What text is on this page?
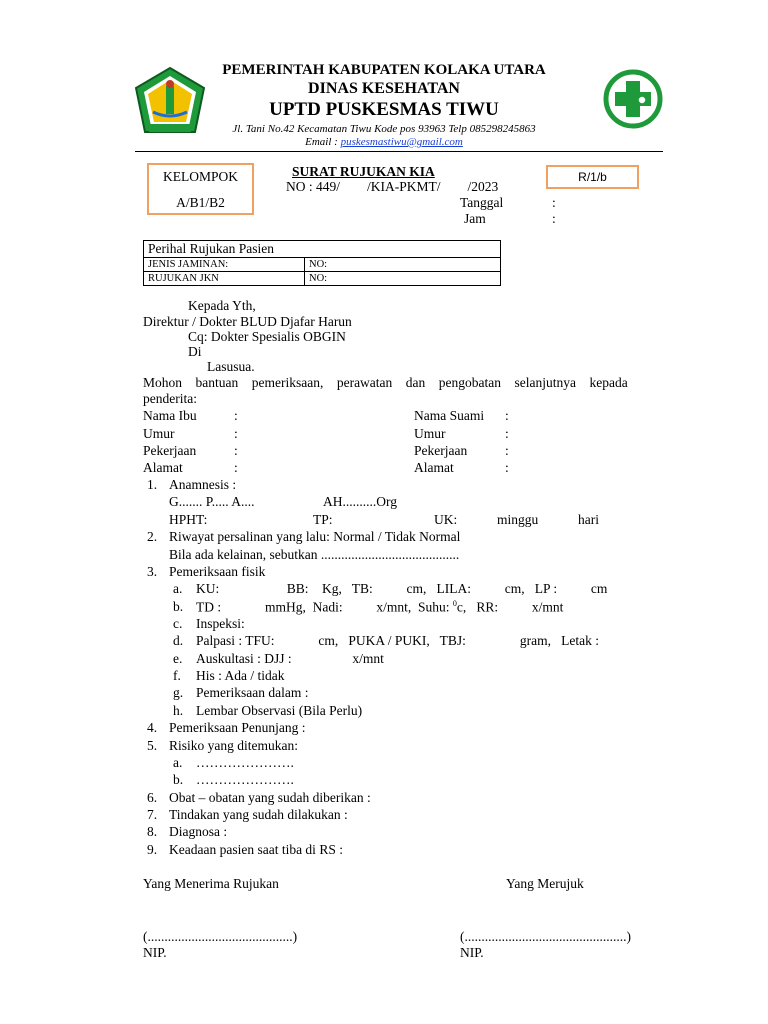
PEMERINTAH KABUPATEN KOLAKA UTARA
DINAS KESEHATAN
UPTD PUSKESMAS TIWU
Jl. Tani No.42 Kecamatan Tiwu Kode pos 93963 Telp 085298245863
Email : puskesmastiwu@gmail.com
KELOMPOK
A/B1/B2
R/1/b
SURAT RUJUKAN KIA
NO : 449/        /KIA-PKMT/        /2023
Tanggal	:
Jam	:
Perihal Rujukan Pasien	
JENIS JAMINAN:	NO:
RUJUKAN JKN	NO:
Kepada Yth,
Direktur / Dokter BLUD Djafar Harun
Cq: Dokter Spesialis OBGIN
Di
Lasusua.
Mohon    bantuan    pemeriksaan,    perawatan    dan    pengobatan    selanjutnya    kepada
penderita:
Nama Ibu	:	Nama Suami :
Umur	:	Umur	:
Pekerjaan	:	Pekerjaan	:
Alamat	:	Alamat	:
1. Anamnesis :
G....... P..... A....	AH..........Org
HPHT:	TP:	UK:	minggu	hari
2. Riwayat persalinan yang lalu: Normal / Tidak Normal
Bila ada kelainan, sebutkan .........................................
3. Pemeriksaan fisik
a. KU:                    BB:    Kg,   TB:          cm,   LILA:          cm,   LP :          cm
b. TD :             mmHg,  Nadi:          x/mnt,  Suhu: $^0$c,   RR:          x/mnt
c. Inspeksi:
d. Palpasi : TFU:             cm,   PUKA / PUKI,   TBJ:                gram,   Letak :
e. Auskultasi : DJJ :                  x/mnt
f. His : Ada / tidak
g. Pemeriksaan dalam :
h. Lembar Observasi (Bila Perlu)
4. Pemeriksaan Penunjang :
5. Risiko yang ditemukan:
a. ………………….
b. ………………….
6. Obat – obatan yang sudah diberikan :
7. Tindakan yang sudah dilakukan :
8. Diagnosa :
9. Keadaan pasien saat tiba di RS :
Yang Menerima Rujukan	Yang Merujuk
(...........................................)	(................................................)
NIP.	NIP.
